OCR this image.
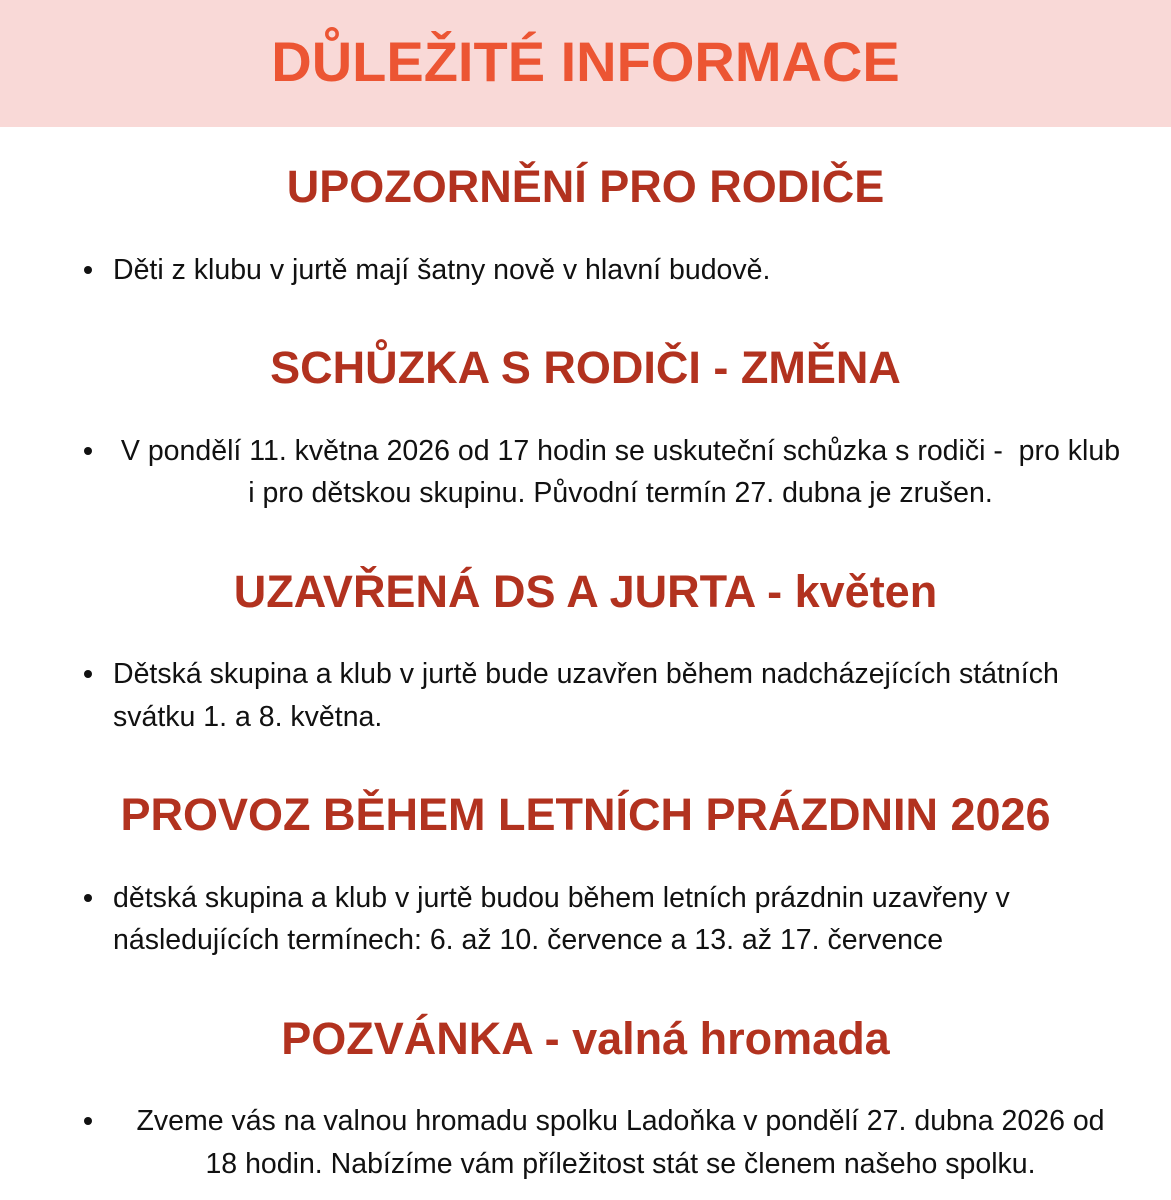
DŮLEŽITÉ INFORMACE
UPOZORNĚNÍ PRO RODIČE
Děti z klubu v jurtě mají šatny nově v hlavní budově.
SCHŮZKA S RODIČI - ZMĚNA
V pondělí 11. května 2026 od 17 hodin se uskuteční schůzka s rodiči -  pro klub
i pro dětskou skupinu. Původní termín 27. dubna je zrušen.
UZAVŘENÁ DS A JURTA - květen
Dětská skupina a klub v jurtě bude uzavřen během nadcházejících státních
svátku 1. a 8. května.
PROVOZ BĚHEM LETNÍCH PRÁZDNIN 2026
dětská skupina a klub v jurtě budou během letních prázdnin uzavřeny v
následujících termínech: 6. až 10. července a 13. až 17. července
POZVÁNKA - valná hromada
Zveme vás na valnou hromadu spolku Ladoňka v pondělí 27. dubna 2026 od
18 hodin. Nabízíme vám příležitost stát se členem našeho spolku.
